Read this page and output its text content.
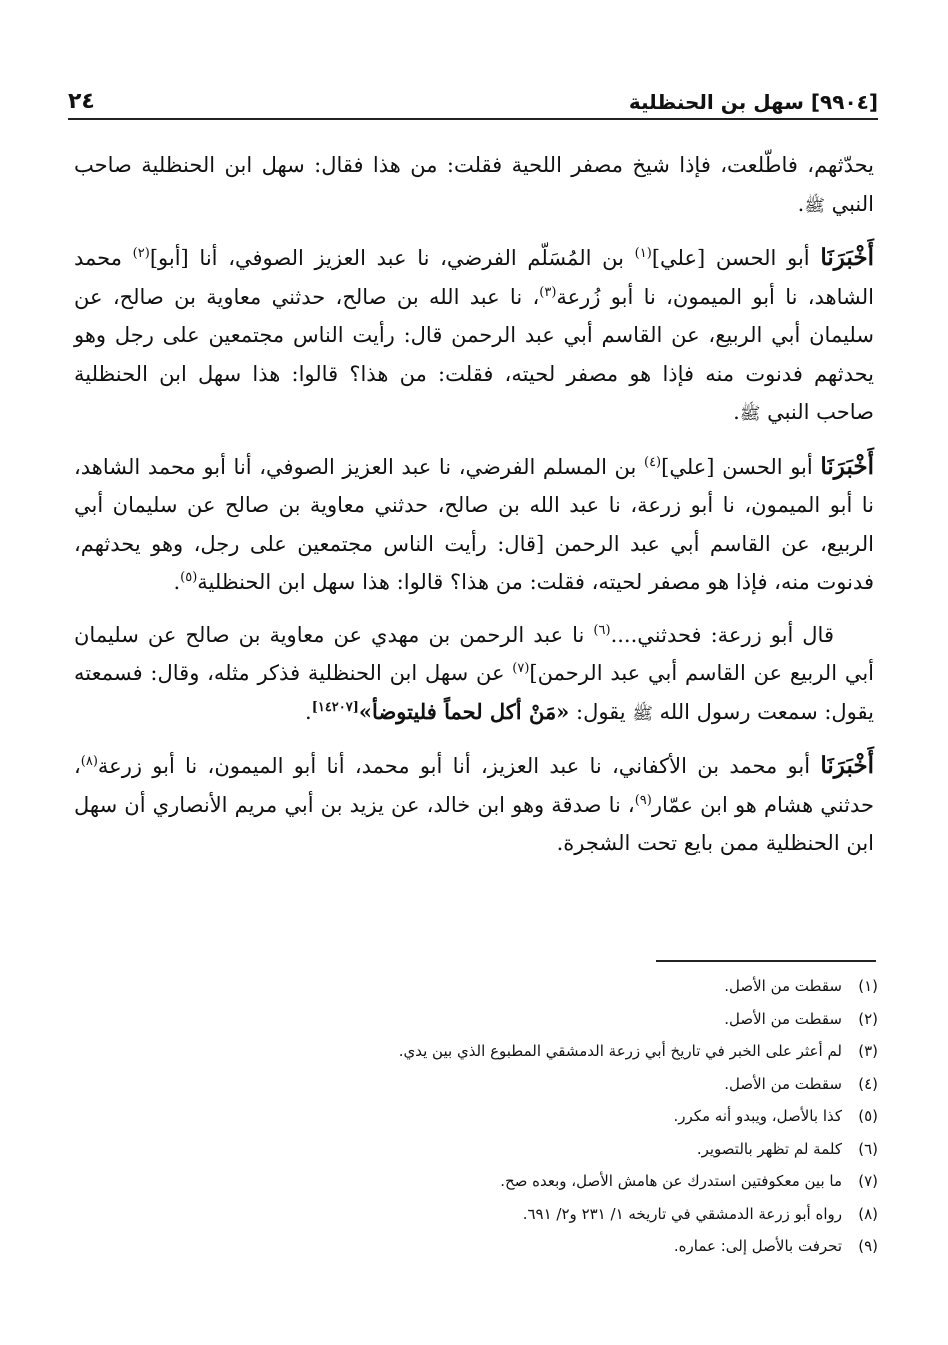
[٩٩٠٤] سهل بن الحنظلية
٢٤

يحدّثهم، فاطّلعت، فإذا شيخ مصفر اللحية فقلت: من هذا فقال: سهل ابن الحنظلية صاحب النبي ﷺ.

أَخْبَرَنَا أبو الحسن [علي]$^{(١)}$ بن المُسَلّم الفرضي، نا عبد العزيز الصوفي، أنا [أبو]$^{(٢)}$ محمد الشاهد، نا أبو الميمون، نا أبو زُرعة$^{(٣)}$، نا عبد الله بن صالح، حدثني معاوية بن صالح، عن سليمان أبي الربيع، عن القاسم أبي عبد الرحمن قال: رأيت الناس مجتمعين على رجل وهو يحدثهم فدنوت منه فإذا هو مصفر لحيته، فقلت: من هذا؟ قالوا: هذا سهل ابن الحنظلية صاحب النبي ﷺ.

أَخْبَرَنَا أبو الحسن [علي]$^{(٤)}$ بن المسلم الفرضي، نا عبد العزيز الصوفي، أنا أبو محمد الشاهد، نا أبو الميمون، نا أبو زرعة، نا عبد الله بن صالح، حدثني معاوية بن صالح عن سليمان أبي الربيع، عن القاسم أبي عبد الرحمن [قال: رأيت الناس مجتمعين على رجل، وهو يحدثهم، فدنوت منه، فإذا هو مصفر لحيته، فقلت: من هذا؟ قالوا: هذا سهل ابن الحنظلية$^{(٥)}$.

قال أبو زرعة: فحدثني....$^{(٦)}$ نا عبد الرحمن بن مهدي عن معاوية بن صالح عن سليمان أبي الربيع عن القاسم أبي عبد الرحمن]$^{(٧)}$ عن سهل ابن الحنظلية فذكر مثله، وقال: فسمعته يقول: سمعت رسول الله ﷺ يقول: «مَنْ أكل لحماً فليتوضأ»[١٤٢٠٧].

أَخْبَرَنَا أبو محمد بن الأكفاني، نا عبد العزيز، أنا أبو محمد، أنا أبو الميمون، نا أبو زرعة$^{(٨)}$، حدثني هشام هو ابن عمّار$^{(٩)}$، نا صدقة وهو ابن خالد، عن يزيد بن أبي مريم الأنصاري أن سهل ابن الحنظلية ممن بايع تحت الشجرة.

(١)
سقطت من الأصل.
(٢)
سقطت من الأصل.
(٣)
لم أعثر على الخبر في تاريخ أبي زرعة الدمشقي المطبوع الذي بين يدي.
(٤)
سقطت من الأصل.
(٥)
كذا بالأصل، ويبدو أنه مكرر.
(٦)
كلمة لم تظهر بالتصوير.
(٧)
ما بين معكوفتين استدرك عن هامش الأصل، وبعده صح.
(٨)
رواه أبو زرعة الدمشقي في تاريخه ١/ ٢٣١ و٢/ ٦٩١.
(٩)
تحرفت بالأصل إلى: عماره.
